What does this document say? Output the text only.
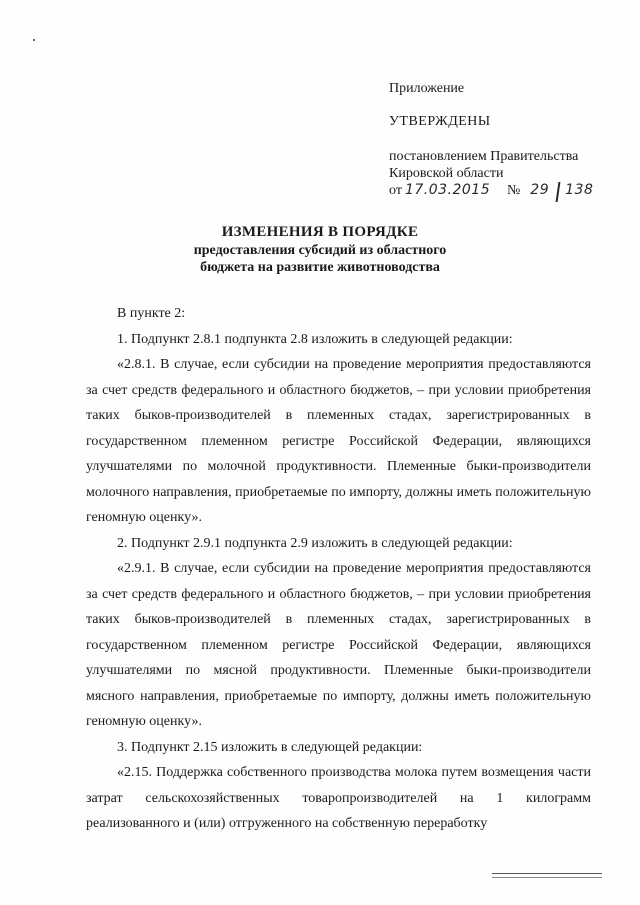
Приложение
УТВЕРЖДЕНЫ
постановлением Правительства
Кировской области
от 17.03.2015	№ 29 138
ИЗМЕНЕНИЯ В ПОРЯДКЕ
предоставления субсидий из областного
бюджета на развитие животноводства

В пункте 2:

1. Подпункт 2.8.1 подпункта 2.8 изложить в следующей редакции:

«2.8.1. В случае, если субсидии на проведение мероприятия предоставляются за счет средств федерального и областного бюджетов, – при условии приобретения таких быков-производителей в племенных стадах, зарегистрированных в государственном племенном регистре Российской Федерации, являющихся улучшателями по молочной продуктивности. Племенные быки-производители молочного направления, приобретаемые по импорту, должны иметь положительную геномную оценку».

2. Подпункт 2.9.1 подпункта 2.9 изложить в следующей редакции:

«2.9.1. В случае, если субсидии на проведение мероприятия предоставляются за счет средств федерального и областного бюджетов, – при условии приобретения таких быков-производителей в племенных стадах, зарегистрированных в государственном племенном регистре Российской Федерации, являющихся улучшателями по мясной продуктивности. Племенные быки-производители мясного направления, приобретаемые по импорту, должны иметь положительную геномную оценку».

3. Подпункт 2.15 изложить в следующей редакции:

«2.15. Поддержка собственного производства молока путем возмещения части затрат сельскохозяйственных товаропроизводителей на 1 килограмм реализованного и (или) отгруженного на собственную переработку
